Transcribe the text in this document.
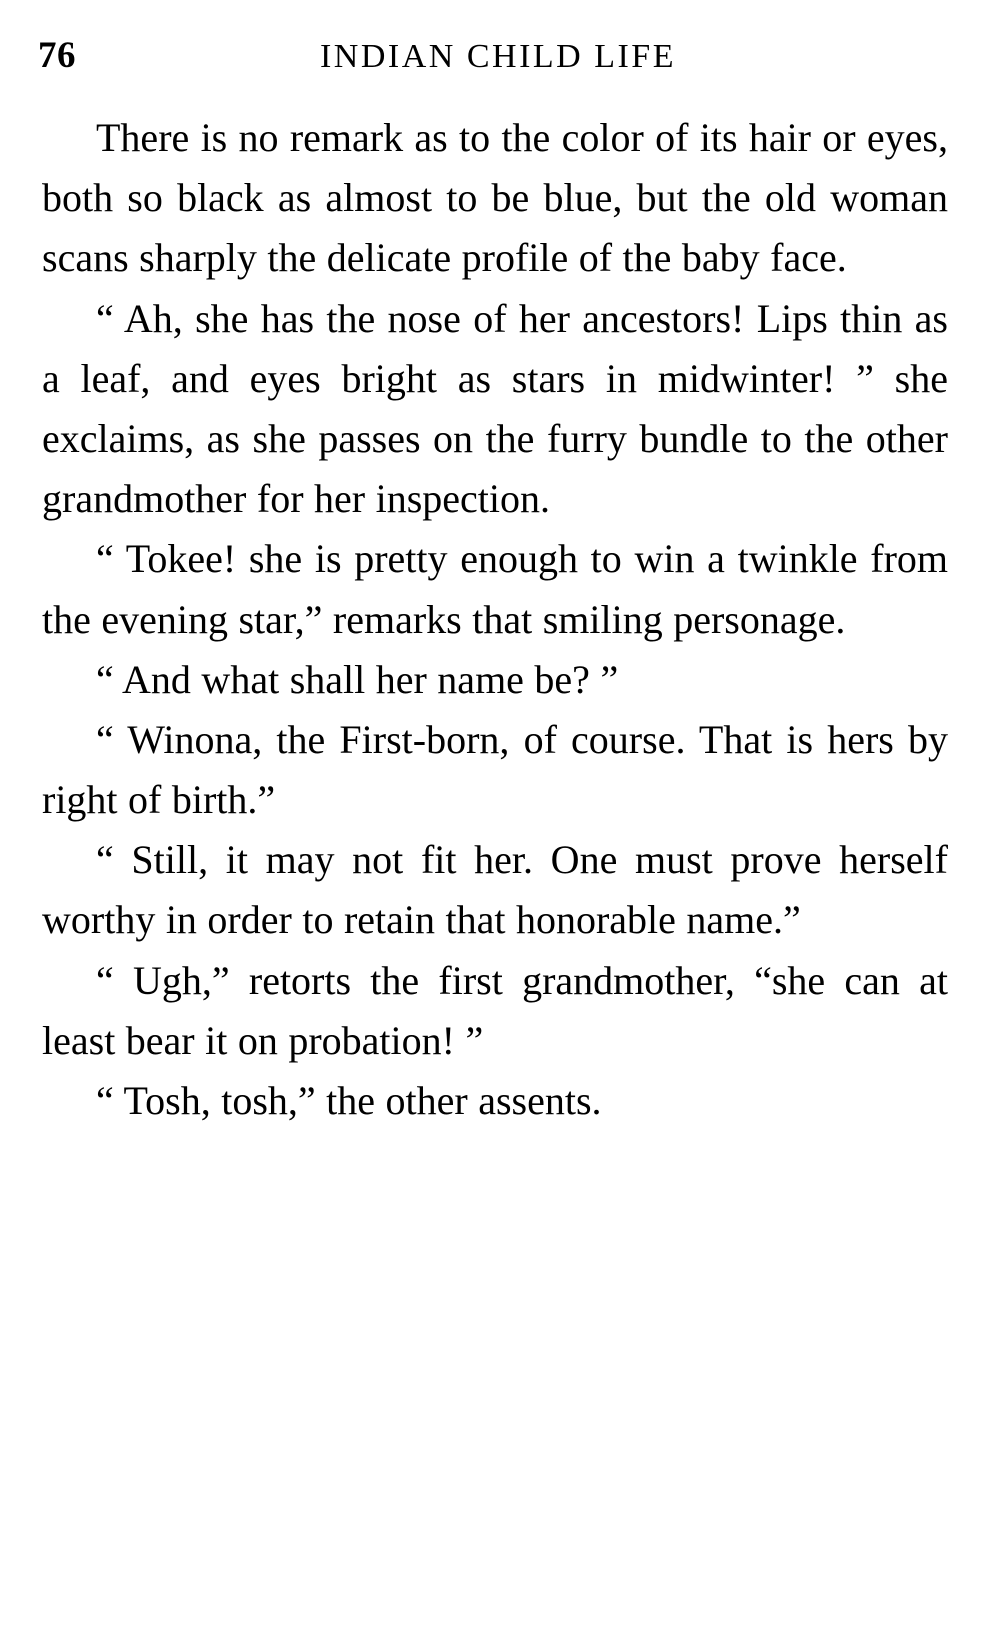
76	INDIAN CHILD LIFE

There is no remark as to the color of its hair or eyes, both so black as almost to be blue, but the old woman scans sharply the delicate profile of the baby face.

“ Ah, she has the nose of her ancestors! Lips thin as a leaf, and eyes bright as stars in midwinter! ” she exclaims, as she passes on the furry bundle to the other grandmother for her inspection.

“ Tokee! she is pretty enough to win a twinkle from the evening star,” remarks that smiling personage.

“ And what shall her name be? ”

“ Winona, the First-born, of course. That is hers by right of birth.”

“ Still, it may not fit her. One must prove herself worthy in order to retain that honorable name.”

“ Ugh,” retorts the first grandmother, “she can at least bear it on probation! ”

“ Tosh, tosh,” the other assents.
